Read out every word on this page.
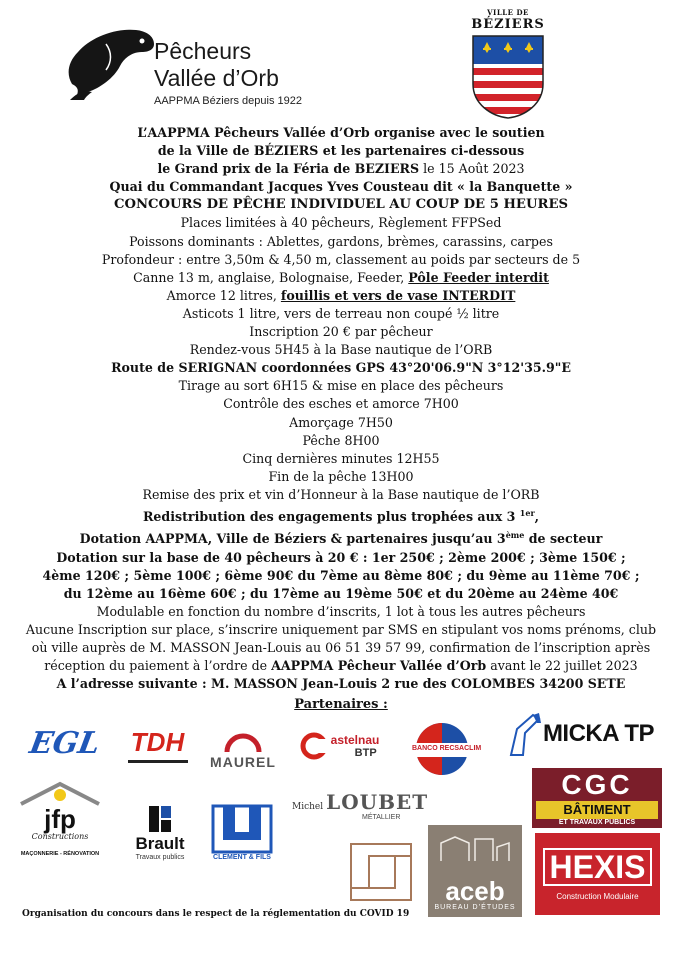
Pêcheurs
Vallée d’Orb
AAPPMA Béziers depuis 1922
VILLE DE
BÉZIERS
L’AAPPMA Pêcheurs Vallée d’Orb organise avec le soutien
de la Ville de BÉZIERS et les partenaires ci-dessous
le Grand prix de la Féria de BEZIERS le 15 Août 2023
Quai du Commandant Jacques Yves Cousteau dit « la Banquette »
CONCOURS DE PÊCHE INDIVIDUEL AU COUP DE 5 HEURES
Places limitées à 40 pêcheurs, Règlement FFPSed
Poissons dominants : Ablettes, gardons, brèmes, carassins, carpes
Profondeur : entre 3,50m & 4,50 m, classement au poids par secteurs de 5
Canne 13 m, anglaise, Bolognaise, Feeder, Pôle Feeder interdit
Amorce 12 litres, fouillis et vers de vase INTERDIT
Asticots 1 litre, vers de terreau non coupé ½ litre
Inscription 20 € par pêcheur
Rendez-vous 5H45 à la Base nautique de l’ORB
Route de SERIGNAN coordonnées GPS 43°20'06.9"N 3°12'35.9"E
Tirage au sort 6H15 & mise en place des pêcheurs
Contrôle des esches et amorce 7H00
Amorçage 7H50
Pêche 8H00
Cinq dernières minutes 12H55
Fin de la pêche 13H00
Remise des prix et vin d’Honneur à la Base nautique de l’ORB
Redistribution des engagements plus trophées aux 3 $^{1er}$,
Dotation AAPPMA, Ville de Béziers & partenaires jusqu’au 3ème de secteur
Dotation sur la base de 40 pêcheurs à 20 € : 1er 250€ ; 2ème 200€ ; 3ème 150€ ;
4ème 120€ ; 5ème 100€ ; 6ème 90€ du 7ème au 8ème 80€ ; du 9ème au 11ème 70€ ;
du 12ème au 16ème 60€ ; du 17ème au 19ème 50€ et du 20ème au 24ème 40€
Modulable en fonction du nombre d’inscrits, 1 lot à tous les autres pêcheurs
Aucune Inscription sur place, s’inscrire uniquement par SMS en stipulant vos noms prénoms, club
où ville auprès de M. MASSON Jean-Louis au 06 51 39 57 99, confirmation de l’inscription après
réception du paiement à l’ordre de AAPPMA Pêcheur Vallée d’Orb avant le 22 juillet 2023
A l’adresse suivante : M. MASSON Jean-Louis 2 rue des COLOMBES 34200 SETE
Partenaires :
EGL TDH
MAUREL
astelnau
BTP	BANCO RECSACLIM
MICKA TP
jfp
Constructions
MAÇONNERIE - RÉNOVATION
Brault
Travaux publics	CLEMENT & FILS
Michel LOUBET
MÉTALLIER
aceb
BUREAU D’ÉTUDES
CGC
BÂTIMENT
ET TRAVAUX PUBLICS
HEXIS
Construction Modulaire
Organisation du concours dans le respect de la réglementation du COVID 19
